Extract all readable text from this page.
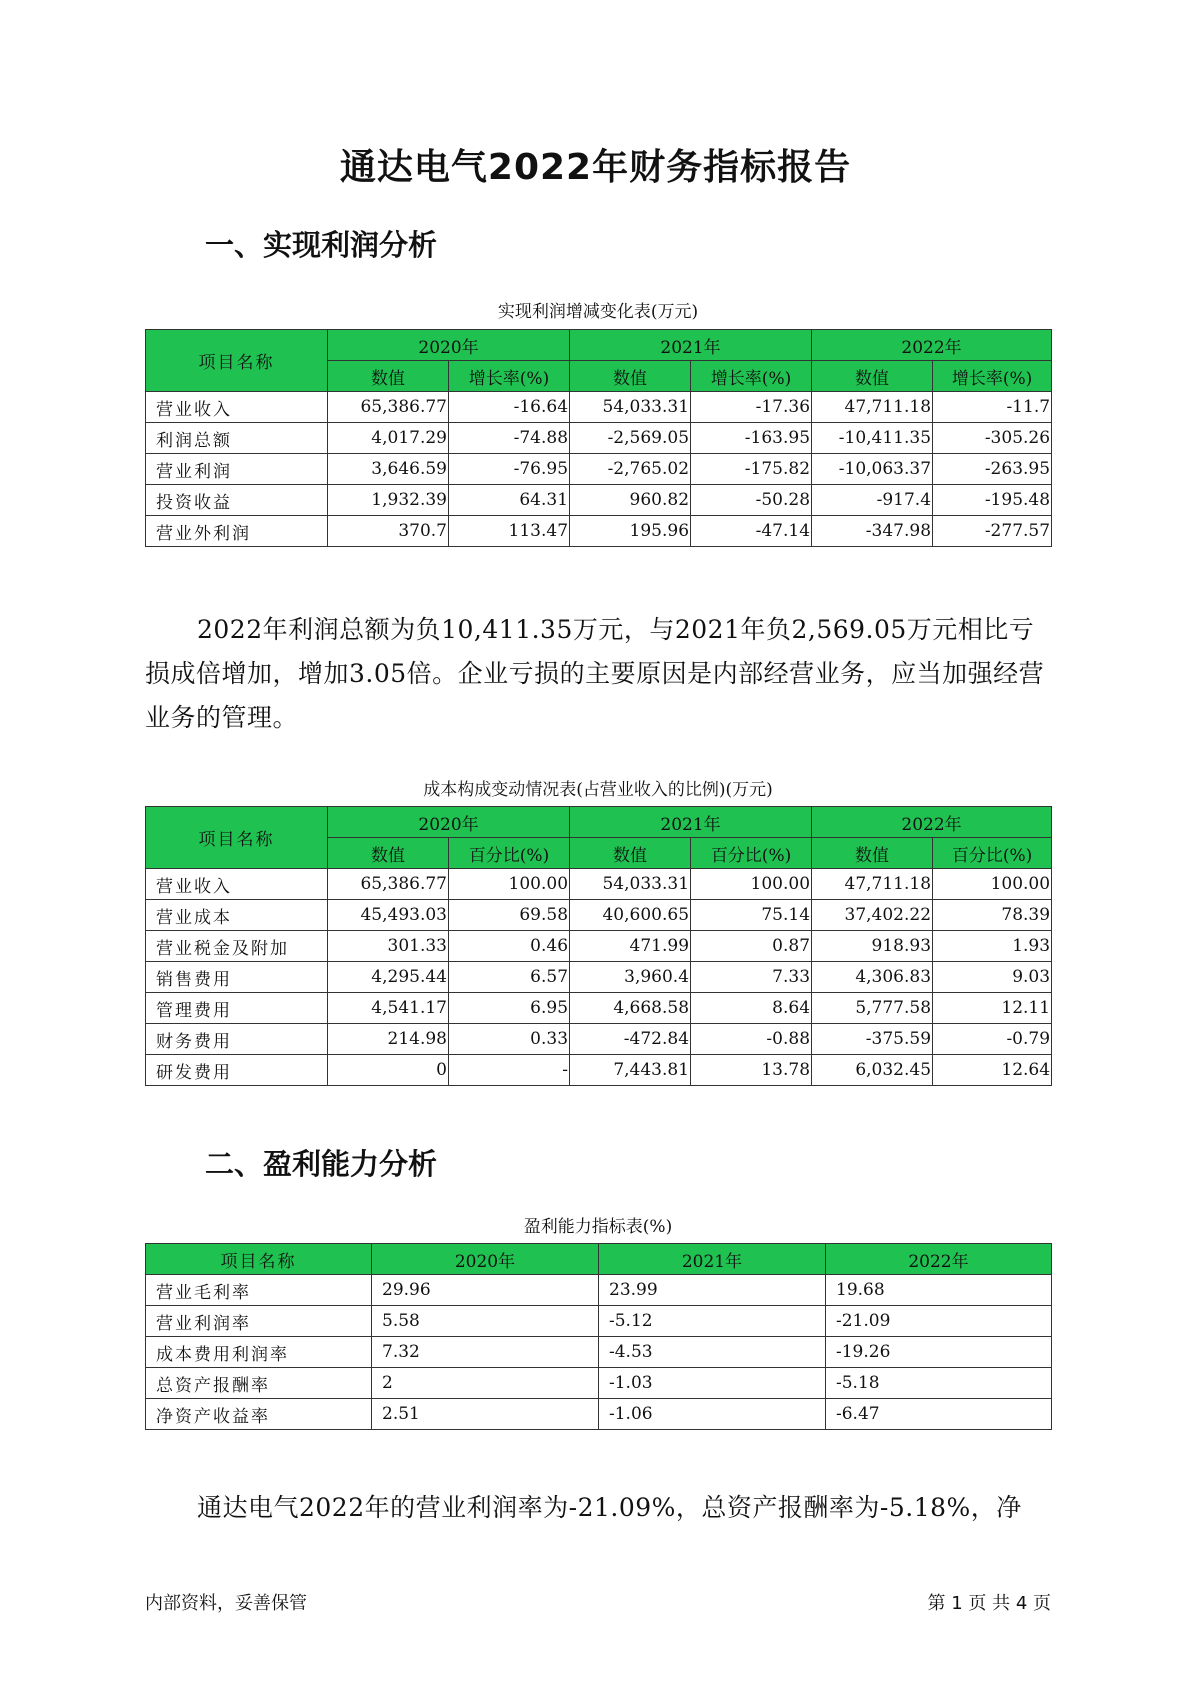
通达电气2022年财务指标报告
一、实现利润分析
实现利润增减变化表(万元)
项目名称	2020年		2021年		2022年	
	数值	增长率(%)	数值	增长率(%)	数值	增长率(%)
营业收入	65,386.77	-16.64	54,033.31	-17.36	47,711.18	-11.7
利润总额	4,017.29	-74.88	-2,569.05	-163.95	-10,411.35	-305.26
营业利润	3,646.59	-76.95	-2,765.02	-175.82	-10,063.37	-263.95
投资收益	1,932.39	64.31	960.82	-50.28	-917.4	-195.48
营业外利润	370.7	113.47	195.96	-47.14	-347.98	-277.57
2022年利润总额为负10,411.35万元，与2021年负2,569.05万元相比亏损成倍增加，增加3.05倍。企业亏损的主要原因是内部经营业务，应当加强经营业务的管理。
成本构成变动情况表(占营业收入的比例)(万元)
项目名称	2020年		2021年		2022年	
	数值	百分比(%)	数值	百分比(%)	数值	百分比(%)
营业收入	65,386.77	100.00	54,033.31	100.00	47,711.18	100.00
营业成本	45,493.03	69.58	40,600.65	75.14	37,402.22	78.39
营业税金及附加	301.33	0.46	471.99	0.87	918.93	1.93
销售费用	4,295.44	6.57	3,960.4	7.33	4,306.83	9.03
管理费用	4,541.17	6.95	4,668.58	8.64	5,777.58	12.11
财务费用	214.98	0.33	-472.84	-0.88	-375.59	-0.79
研发费用	0	-	7,443.81	13.78	6,032.45	12.64
二、盈利能力分析
盈利能力指标表(%)
项目名称	2020年	2021年	2022年
营业毛利率	29.96	23.99	19.68
营业利润率	5.58	-5.12	-21.09
成本费用利润率	7.32	-4.53	-19.26
总资产报酬率	2	-1.03	-5.18
净资产收益率	2.51	-1.06	-6.47
通达电气2022年的营业利润率为-21.09%，总资产报酬率为-5.18%，净
内部资料，妥善保管	第 1 页 共 4 页
